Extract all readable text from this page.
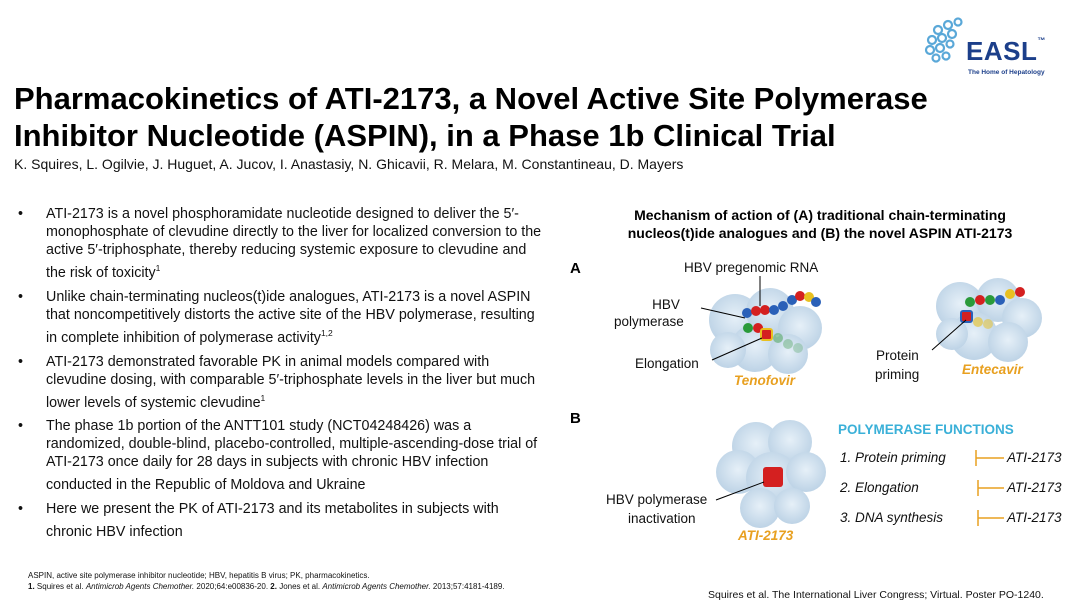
EASL™
The Home of Hepatology
Pharmacokinetics of ATI-2173, a Novel Active Site Polymerase
Inhibitor Nucleotide (ASPIN), in a Phase 1b Clinical Trial
K. Squires, L. Ogilvie, J. Huguet, A. Jucov, I. Anastasiy, N. Ghicavii, R. Melara, M. Constantineau, D. Mayers
• ATI-2173 is a novel phosphoramidate nucleotide designed to deliver the 5′-monophosphate of clevudine directly to the liver for localized conversion to the active 5′-triphosphate, thereby reducing systemic exposure to clevudine and the risk of toxicity$^1$
• Unlike chain-terminating nucleos(t)ide analogues, ATI-2173 is a novel ASPIN that noncompetitively distorts the active site of the HBV polymerase, resulting in complete inhibition of polymerase activity$^{1,2}$
• ATI-2173 demonstrated favorable PK in animal models compared with clevudine dosing, with comparable 5′-triphosphate levels in the liver but much lower levels of systemic clevudine$^1$
• The phase 1b portion of the ANTT101 study (NCT04248426) was a randomized, double-blind, placebo-controlled, multiple-ascending-dose trial of ATI-2173 once daily for 28 days in subjects with chronic HBV infection conducted in the Republic of Moldova and Ukraine
• Here we present the PK of ATI-2173 and its metabolites in subjects with chronic HBV infection
Mechanism of action of (A) traditional chain-terminating
nucleos(t)ide analogues and (B) the novel ASPIN ATI-2173
A	HBV pregenomic RNA
HBV
polymerase
Elongation
Tenofovir
Protein
priming	Entecavir
B
HBV polymerase
inactivation
ATI-2173
POLYMERASE FUNCTIONS
1. Protein priming	ATI-2173
2. Elongation	ATI-2173
3. DNA synthesis	ATI-2173
ASPIN, active site polymerase inhibitor nucleotide; HBV, hepatitis B virus; PK, pharmacokinetics.
1. Squires et al. Antimicrob Agents Chemother. 2020;64:e00836-20. 2. Jones et al. Antimicrob Agents Chemother. 2013;57:4181-4189.
Squires et al. The International Liver Congress; Virtual. Poster PO-1240.
